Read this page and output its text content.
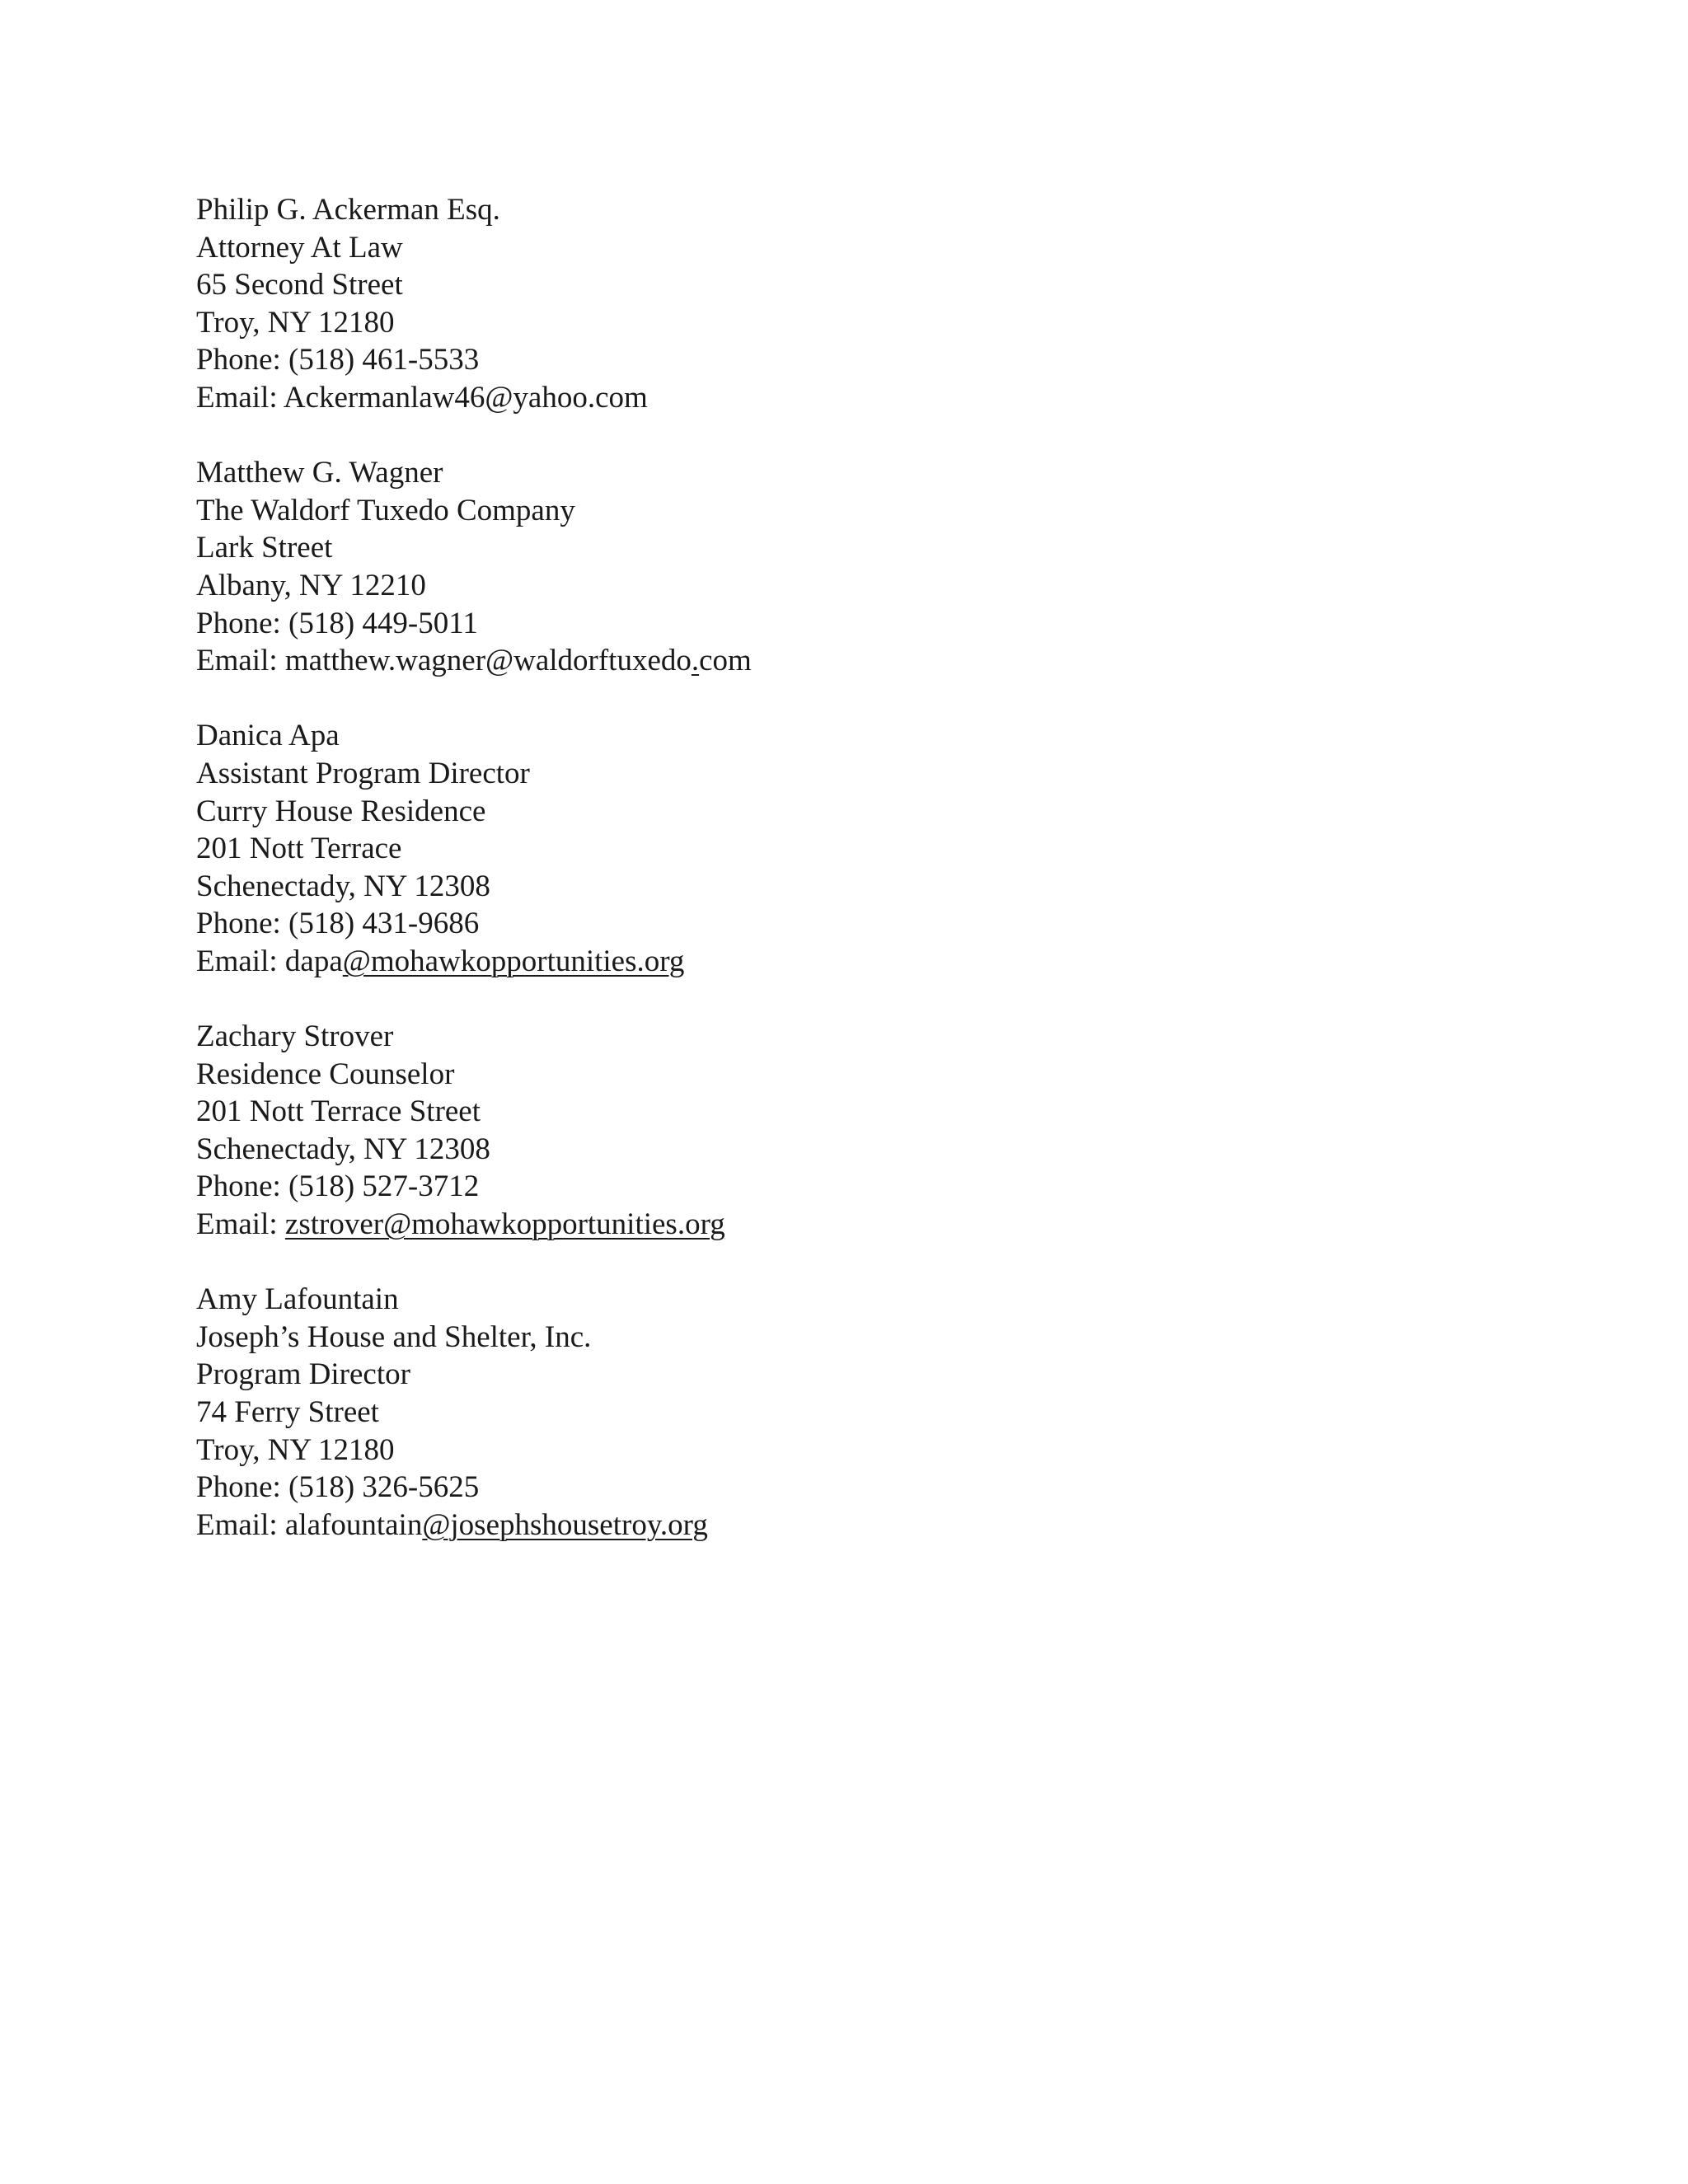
Philip G. Ackerman Esq.
Attorney At Law
65 Second Street
Troy, NY 12180
Phone: (518) 461-5533
Email: Ackermanlaw46@yahoo.com
Matthew G. Wagner
The Waldorf Tuxedo Company
Lark Street
Albany, NY 12210
Phone: (518) 449-5011
Email: matthew.wagner@waldorftuxedo.com
Danica Apa
Assistant Program Director
Curry House Residence
201 Nott Terrace
Schenectady, NY 12308
Phone: (518) 431-9686
Email: dapa@mohawkopportunities.org
Zachary Strover
Residence Counselor
201 Nott Terrace Street
Schenectady, NY 12308
Phone: (518) 527-3712
Email: zstrover@mohawkopportunities.org
Amy Lafountain
Joseph’s House and Shelter, Inc.
Program Director
74 Ferry Street
Troy, NY 12180
Phone: (518) 326-5625
Email: alafountain@josephshousetroy.org
